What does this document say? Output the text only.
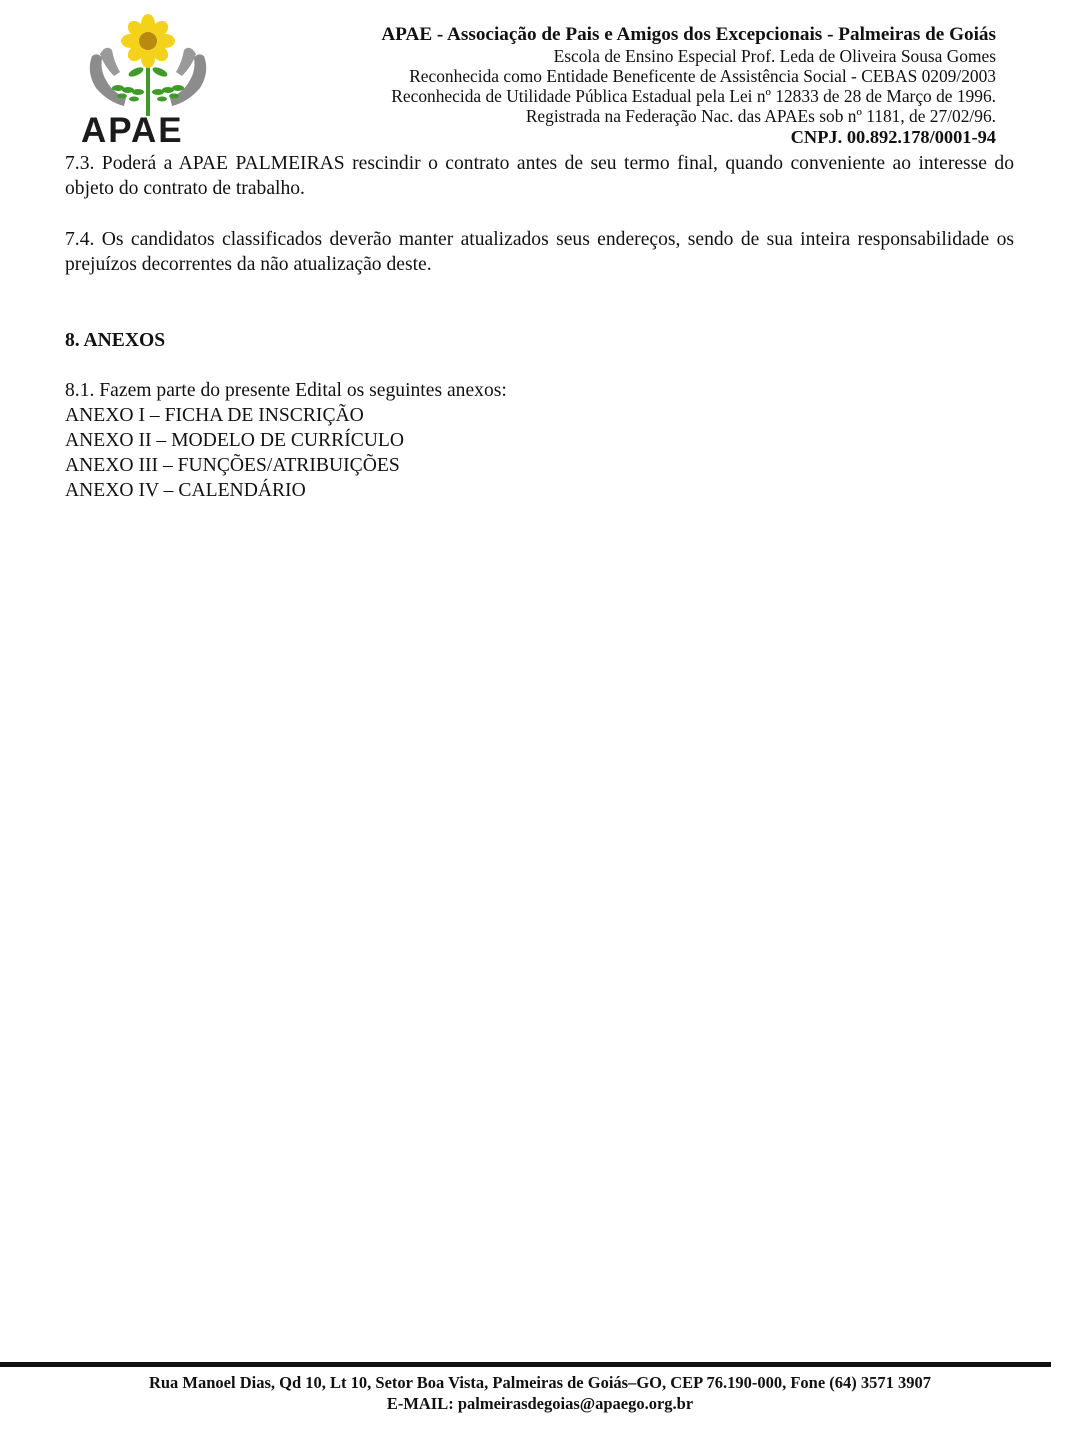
APAE
APAE - Associação de Pais e Amigos dos Excepcionais - Palmeiras de Goiás
Escola de Ensino Especial Prof. Leda de Oliveira Sousa Gomes
Reconhecida como Entidade Beneficente de Assistência Social - CEBAS 0209/2003
Reconhecida de Utilidade Pública Estadual pela Lei nº 12833 de 28 de Março de 1996.
Registrada na Federação Nac. das APAEs sob nº 1181, de 27/02/96.
CNPJ. 00.892.178/0001-94

7.3. Poderá a APAE PALMEIRAS rescindir o contrato antes de seu termo final, quando conveniente ao interesse do objeto do contrato de trabalho.

7.4. Os candidatos classificados deverão manter atualizados seus endereços, sendo de sua inteira responsabilidade os prejuízos decorrentes da não atualização deste.

8. ANEXOS

8.1. Fazem parte do presente Edital os seguintes anexos:

ANEXO I – FICHA DE INSCRIÇÃO

ANEXO II – MODELO DE CURRÍCULO

ANEXO III – FUNÇÕES/ATRIBUIÇÕES

ANEXO IV – CALENDÁRIO

Rua Manoel Dias, Qd 10, Lt 10, Setor Boa Vista, Palmeiras de Goiás–GO, CEP 76.190-000, Fone (64) 3571 3907
E-MAIL: palmeirasdegoias@apaego.org.br
